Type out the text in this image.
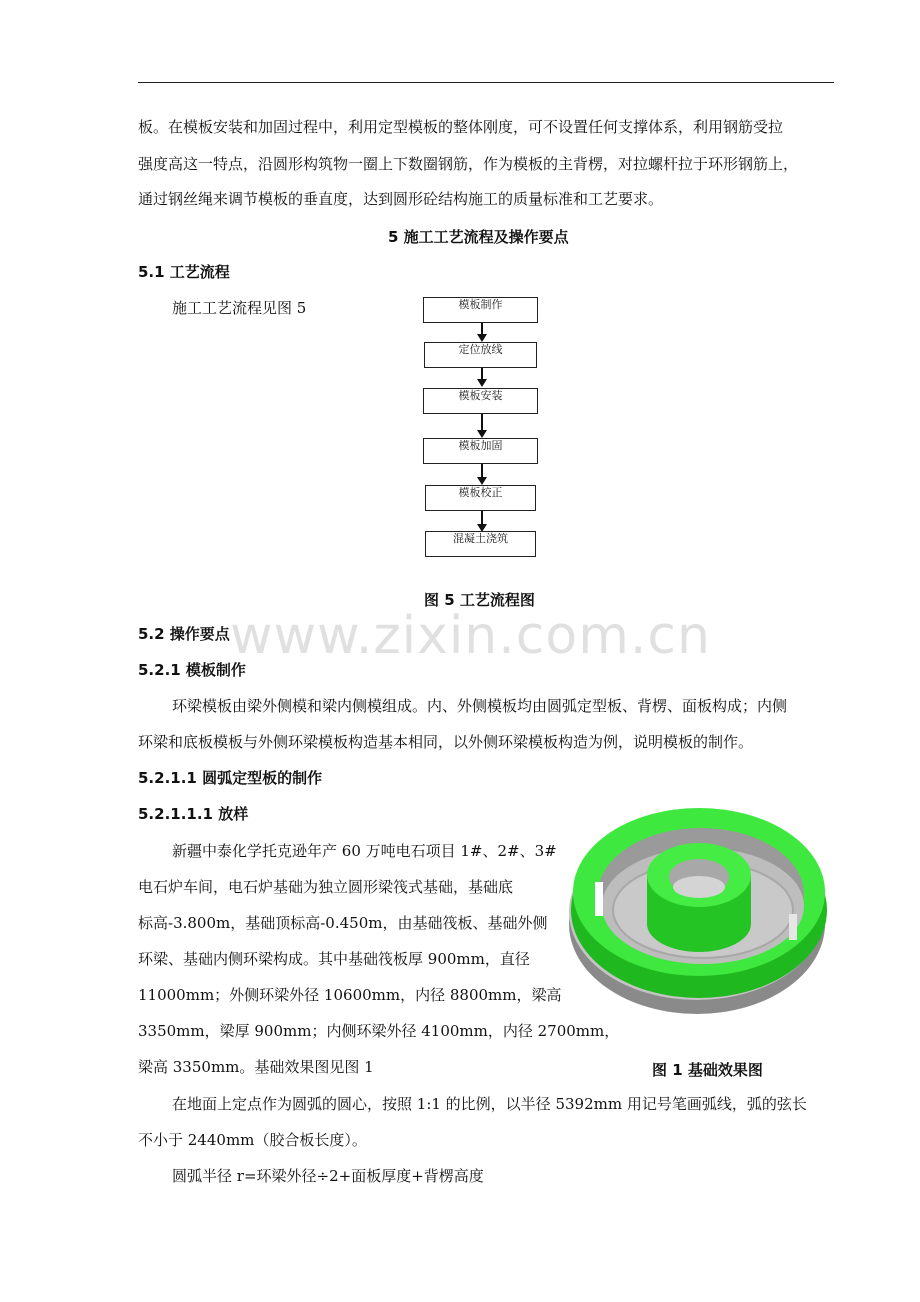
板。在模板安装和加固过程中，利用定型模板的整体刚度，可不设置任何支撑体系，利用钢筋受拉
强度高这一特点，沿圆形构筑物一圈上下数圈钢筋，作为模板的主背楞，对拉螺杆拉于环形钢筋上，
通过钢丝绳来调节模板的垂直度，达到圆形砼结构施工的质量标准和工艺要求。
5 施工工艺流程及操作要点
5.1 工艺流程
施工工艺流程见图 5	模板制作
定位放线
模板安装
模板加固
模板校正
混凝土浇筑
图 5 工艺流程图
www.zixin.com.cn
5.2 操作要点
5.2.1 模板制作
环梁模板由梁外侧模和梁内侧模组成。内、外侧模板均由圆弧定型板、背楞、面板构成；内侧
环梁和底板模板与外侧环梁模板构造基本相同，以外侧环梁模板构造为例，说明模板的制作。
5.2.1.1 圆弧定型板的制作
5.2.1.1.1 放样
新疆中泰化学托克逊年产 60 万吨电石项目 1#、2#、3#
电石炉车间，电石炉基础为独立圆形梁筏式基础，基础底
标高-3.800m，基础顶标高-0.450m，由基础筏板、基础外侧
环梁、基础内侧环梁构成。其中基础筏板厚 900mm，直径
11000mm；外侧环梁外径 10600mm，内径 8800mm，梁高
3350mm，梁厚 900mm；内侧环梁外径 4100mm，内径 2700mm，
梁高 3350mm。基础效果图见图 1	图 1 基础效果图
在地面上定点作为圆弧的圆心，按照 1:1 的比例，以半径 5392mm 用记号笔画弧线，弧的弦长
不小于 2440mm（胶合板长度）。
圆弧半径 r=环梁外径÷2+面板厚度+背楞高度
